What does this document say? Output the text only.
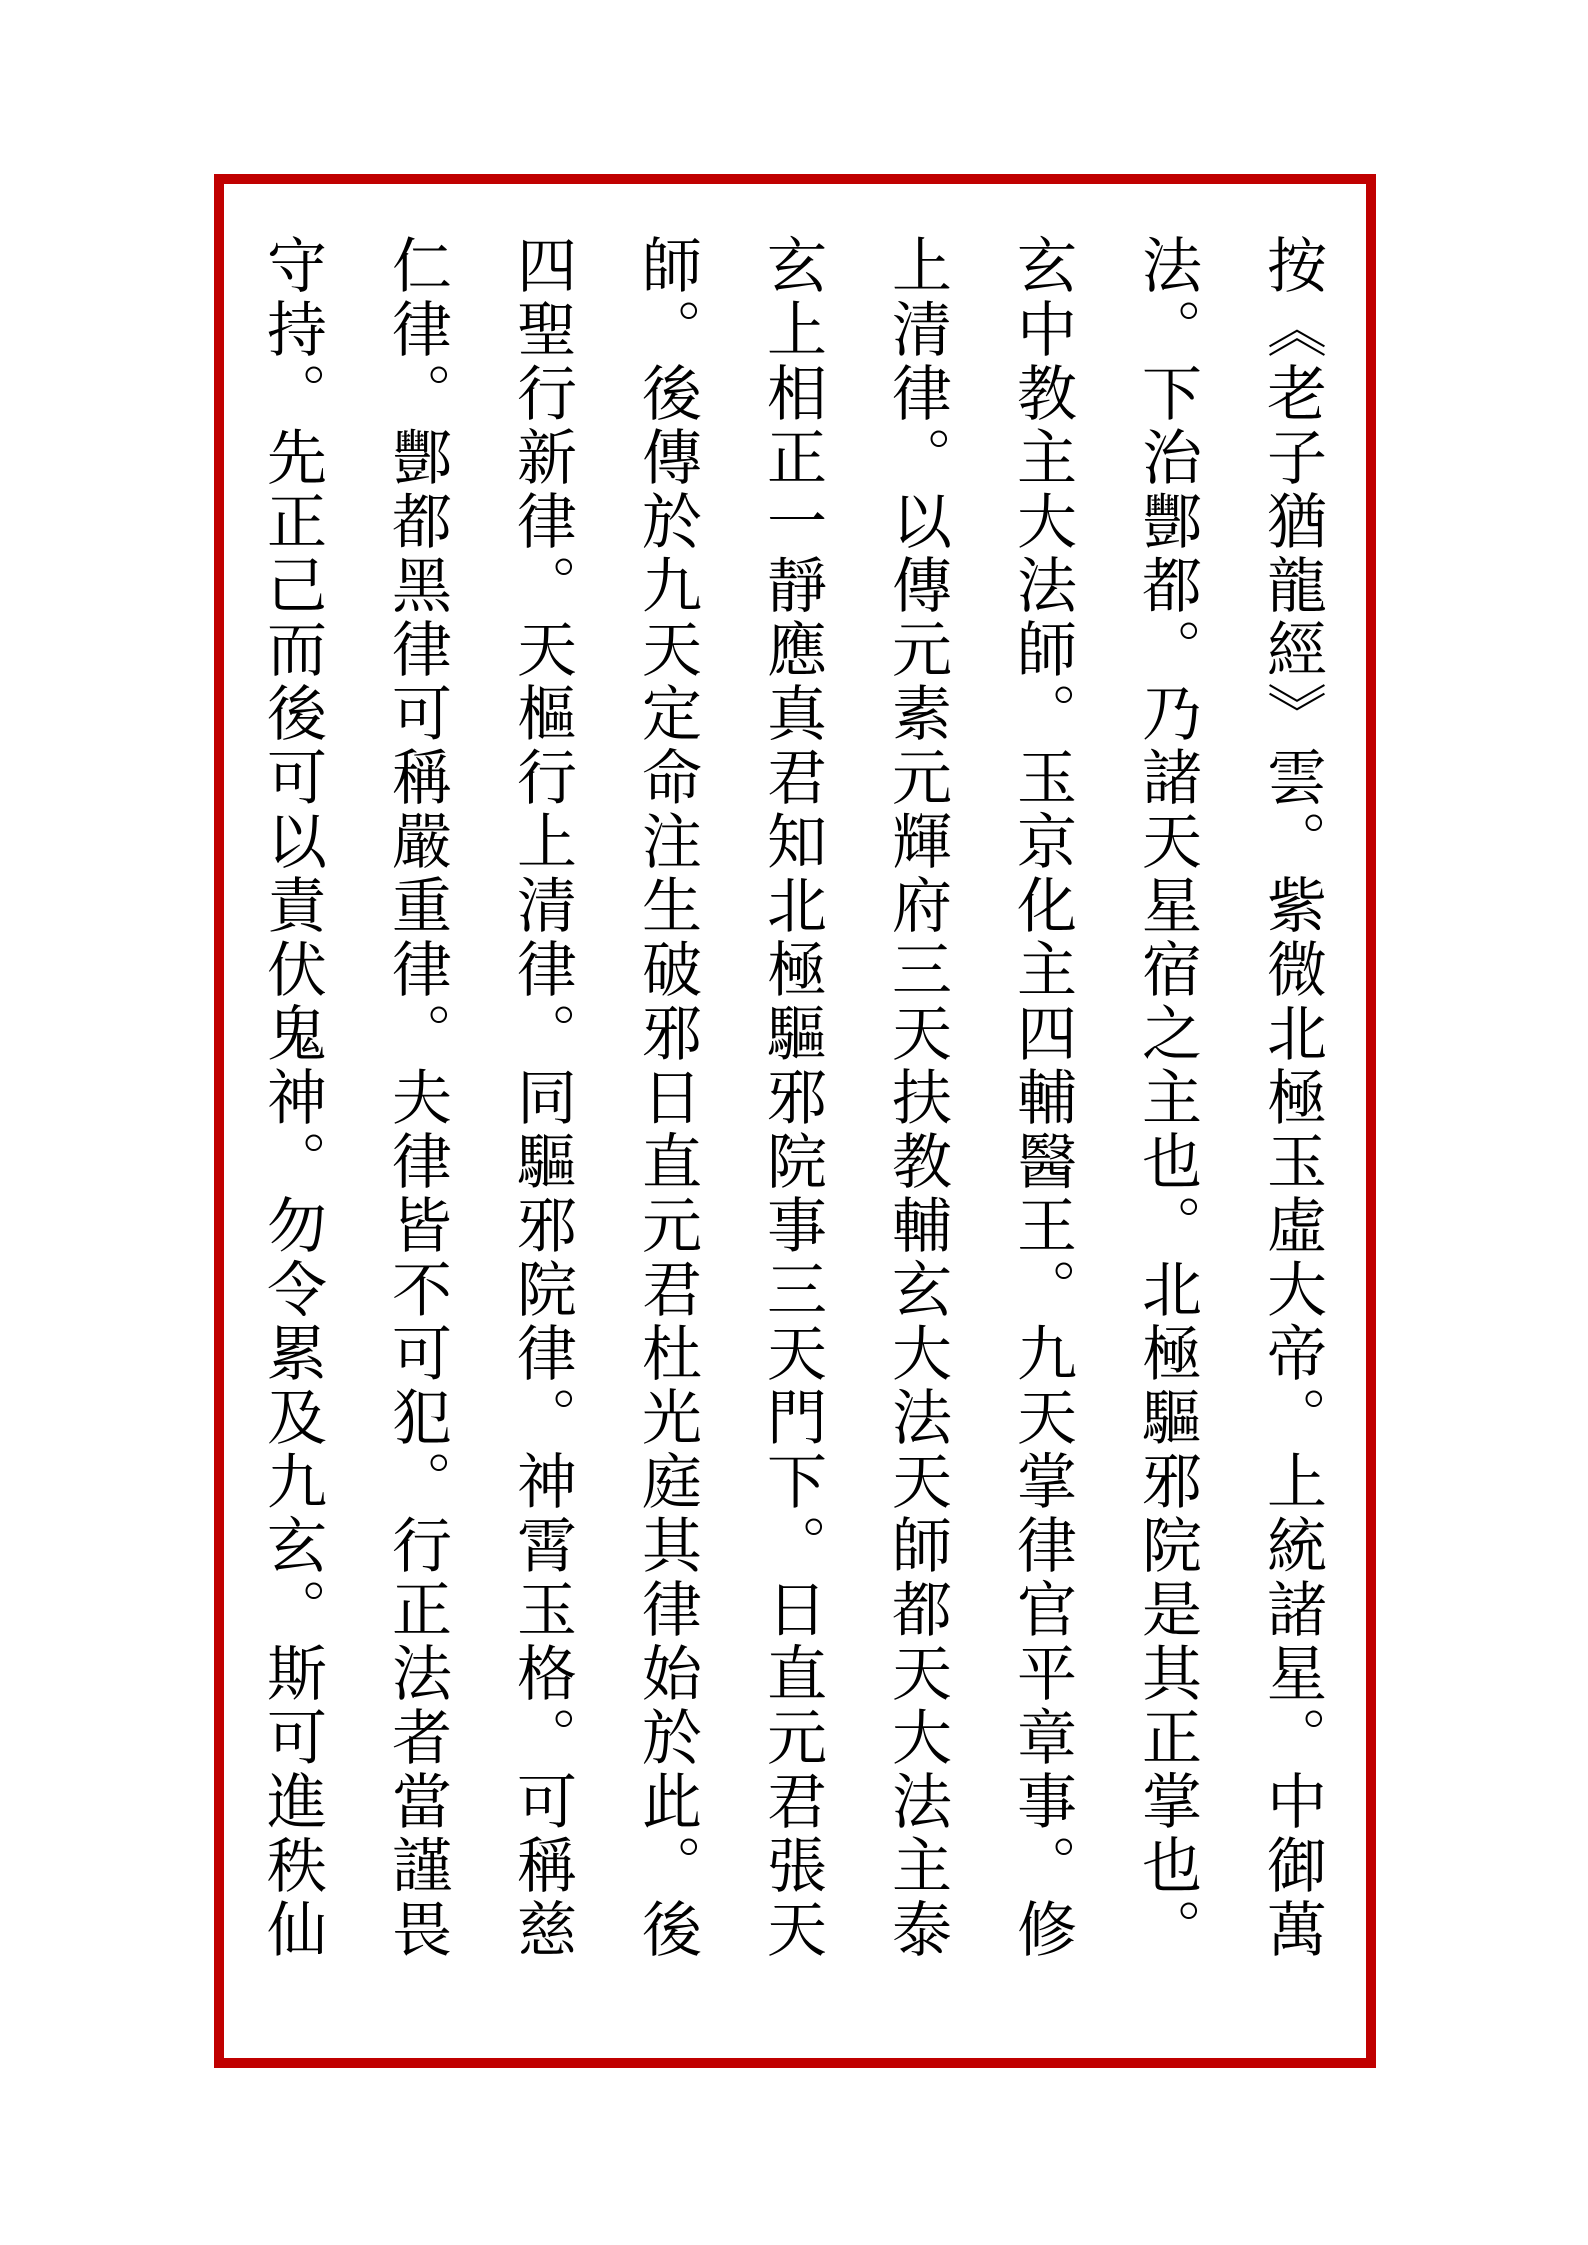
按《老子猶龍經》雲。紫微北極玉虛大帝。上統諸星。中御萬
法。下治酆都。乃諸天星宿之主也。北極驅邪院是其正掌也。
玄中教主大法師。玉京化主四輔醫王。九天掌律官平章事。修
上清律。以傳元素元輝府三天扶教輔玄大法天師都天大法主泰
玄上相正一靜應真君知北極驅邪院事三天門下。日直元君張天
師。後傳於九天定命注生破邪日直元君杜光庭其律始於此。後
四聖行新律。天樞行上清律。同驅邪院律。神霄玉格。可稱慈
仁律。酆都黑律可稱嚴重律。夫律皆不可犯。行正法者當謹畏
守持。先正己而後可以責伏鬼神。勿令累及九玄。斯可進秩仙
